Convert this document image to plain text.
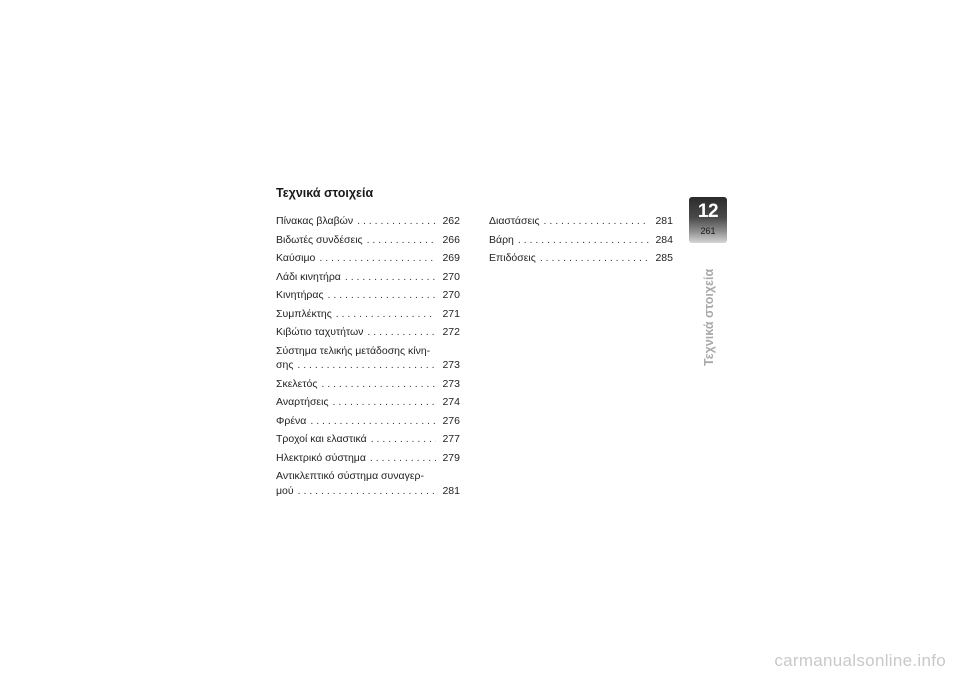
Τεχνικά στοιχεία
Πίνακας βλαβών . . .	262
Βιδωτές συνδέσεις . . .	266
Καύσιμο . . .	269
Λάδι κινητήρα . . .	270
Κινητήρας . . .	270
Συμπλέκτης . . .	271
Κιβώτιο ταχυτήτων . . .	272
Σύστημα τελικής μετάδοσης κίνη-
σης . . .	273
Σκελετός . . .	273
Αναρτήσεις . . .	274
Φρένα . . .	276
Τροχοί και ελαστικά . . .	277
Ηλεκτρικό σύστημα . . .	279
Αντικλεπτικό σύστημα συναγερ-
μού . . .	281
Διαστάσεις . . .	281
Βάρη . . .	284
Επιδόσεις . . .	285
12
261
Τεχνικά στοιχεία
carmanualsonline.info
